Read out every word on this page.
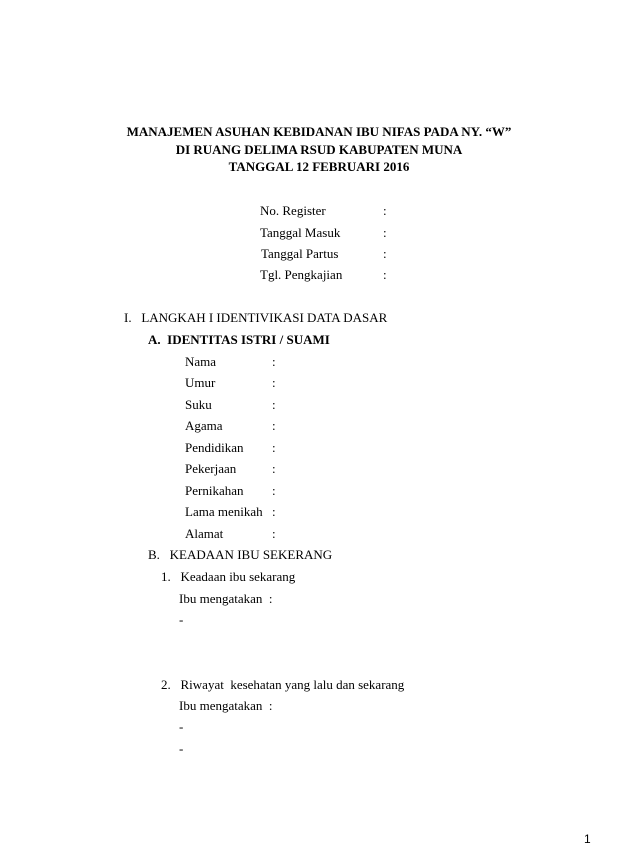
MANAJEMEN ASUHAN KEBIDANAN IBU NIFAS PADA NY. “W”
DI RUANG DELIMA RSUD KABUPATEN MUNA
TANGGAL 12 FEBRUARI 2016
No. Register	:
Tanggal Masuk	:
Tanggal Partus	:
Tgl. Pengkajian	:
I.   LANGKAH I IDENTIVIKASI DATA DASAR
A.  IDENTITAS ISTRI / SUAMI
Nama	:
Umur	:
Suku	:
Agama	:
Pendidikan :
Pekerjaan	:
Pernikahan :
Lama menikah :
Alamat	:
B.   KEADAAN IBU SEKERANG
1.   Keadaan ibu sekarang
Ibu mengatakan  :
-
2.   Riwayat  kesehatan yang lalu dan sekarang
Ibu mengatakan  :
-
-
1
